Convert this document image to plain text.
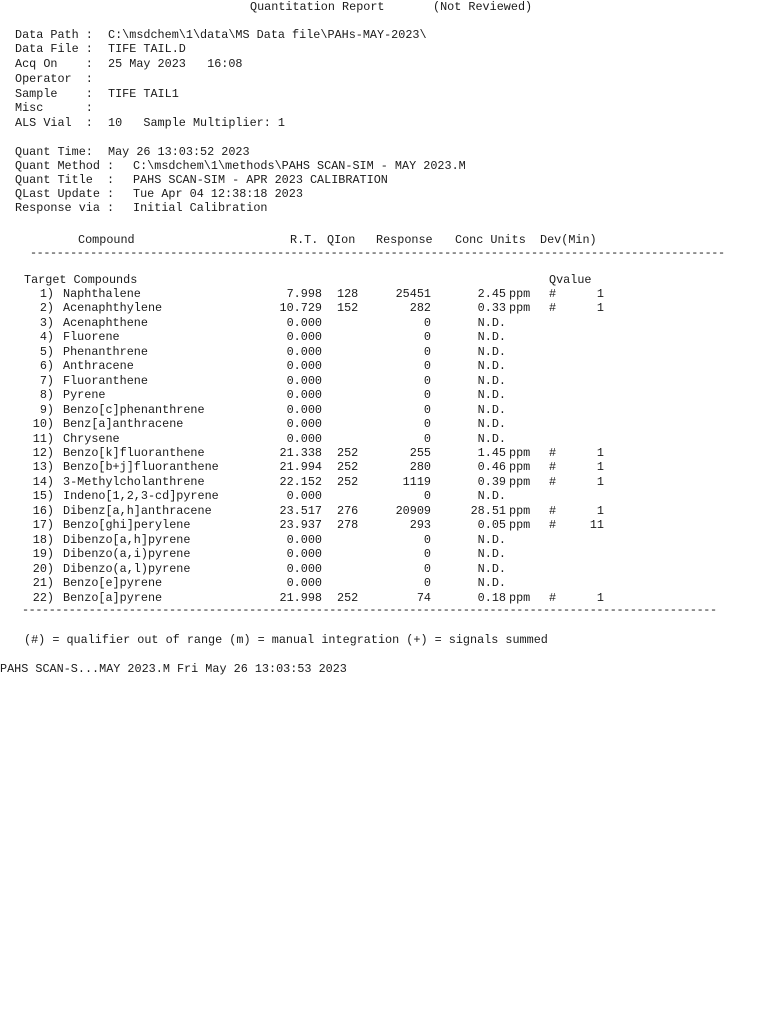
Quantitation Report	(Not Reviewed)
Data Path : C:\msdchem\1\data\MS Data file\PAHs-MAY-2023\
Data File : TIFE TAIL.D
Acq On    : 25 May 2023   16:08
Operator  :
Sample    : TIFE TAIL1
Misc      :
ALS Vial  : 10   Sample Multiplier: 1
Quant Time: May 26 13:03:52 2023
Quant Method : C:\msdchem\1\methods\PAHS SCAN-SIM - MAY 2023.M
Quant Title  : PAHS SCAN-SIM - APR 2023 CALIBRATION
QLast Update : Tue Apr 04 12:38:18 2023
Response via : Initial Calibration
Compound	R.T. QIon Response Conc Units Dev(Min)
--------------------------------------------------------------------------------------------------------
Target Compounds	Qvalue
1) Naphthalene	7.998 128	25451	2.45 ppm	#	1
2) Acenaphthylene	10.729 152	282	0.33 ppm	#	1
3) Acenaphthene	0.000	0	N.D.
4) Fluorene	0.000	0	N.D.
5) Phenanthrene	0.000	0	N.D.
6) Anthracene	0.000	0	N.D.
7) Fluoranthene	0.000	0	N.D.
8) Pyrene	0.000	0	N.D.
9) Benzo[c]phenanthrene	0.000	0	N.D.
10) Benz[a]anthracene	0.000	0	N.D.
11) Chrysene	0.000	0	N.D.
12) Benzo[k]fluoranthene	21.338 252	255	1.45 ppm	#	1
13) Benzo[b+j]fluoranthene	21.994 252	280	0.46 ppm	#	1
14) 3-Methylcholanthrene	22.152 252	1119	0.39 ppm	#	1
15) Indeno[1,2,3-cd]pyrene	0.000	0	N.D.
16) Dibenz[a,h]anthracene	23.517 276	20909	28.51 ppm	#	1
17) Benzo[ghi]perylene	23.937 278	293	0.05 ppm	#	11
18) Dibenzo[a,h]pyrene	0.000	0	N.D.
19) Dibenzo(a,i)pyrene	0.000	0	N.D.
20) Dibenzo(a,l)pyrene	0.000	0	N.D.
21) Benzo[e]pyrene	0.000	0	N.D.
22) Benzo[a]pyrene	21.998 252	74	0.18 ppm	#	1
--------------------------------------------------------------------------------------------------------
(#) = qualifier out of range (m) = manual integration (+) = signals summed
PAHS SCAN-S...MAY 2023.M Fri May 26 13:03:53 2023
